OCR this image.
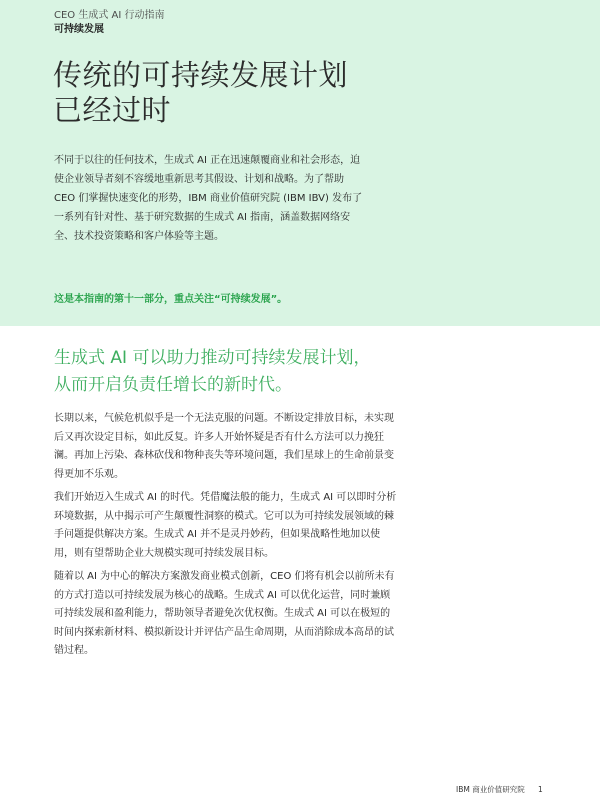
CEO 生成式 AI 行动指南
可持续发展
传统的可持续发展计划
已经过时

不同于以往的任何技术，生成式 AI 正在迅速颠覆商业和社会形态，迫使企业领导者刻不容缓地重新思考其假设、计划和战略。为了帮助 CEO 们掌握快速变化的形势，IBM 商业价值研究院 (IBM IBV) 发布了一系列有针对性、基于研究数据的生成式 AI 指南，涵盖数据网络安全、技术投资策略和客户体验等主题。

这是本指南的第十一部分，重点关注“可持续发展”。

生成式 AI 可以助力推动可持续发展计划，
从而开启负责任增长的新时代。

长期以来，气候危机似乎是一个无法克服的问题。不断设定排放目标，未实现后又再次设定目标，如此反复。许多人开始怀疑是否有什么方法可以力挽狂澜。再加上污染、森林砍伐和物种丧失等环境问题，我们星球上的生命前景变得更加不乐观。

我们开始迈入生成式 AI 的时代。凭借魔法般的能力，生成式 AI 可以即时分析环境数据，从中揭示可产生颠覆性洞察的模式。它可以为可持续发展领域的棘手问题提供解决方案。生成式 AI 并不是灵丹妙药，但如果战略性地加以使用，则有望帮助企业大规模实现可持续发展目标。

随着以 AI 为中心的解决方案激发商业模式创新，CEO 们将有机会以前所未有的方式打造以可持续发展为核心的战略。生成式 AI 可以优化运营，同时兼顾可持续发展和盈利能力，帮助领导者避免次优权衡。生成式 AI 可以在极短的时间内探索新材料、模拟新设计并评估产品生命周期，从而消除成本高昂的试错过程。

IBM 商业价值研究院 1
